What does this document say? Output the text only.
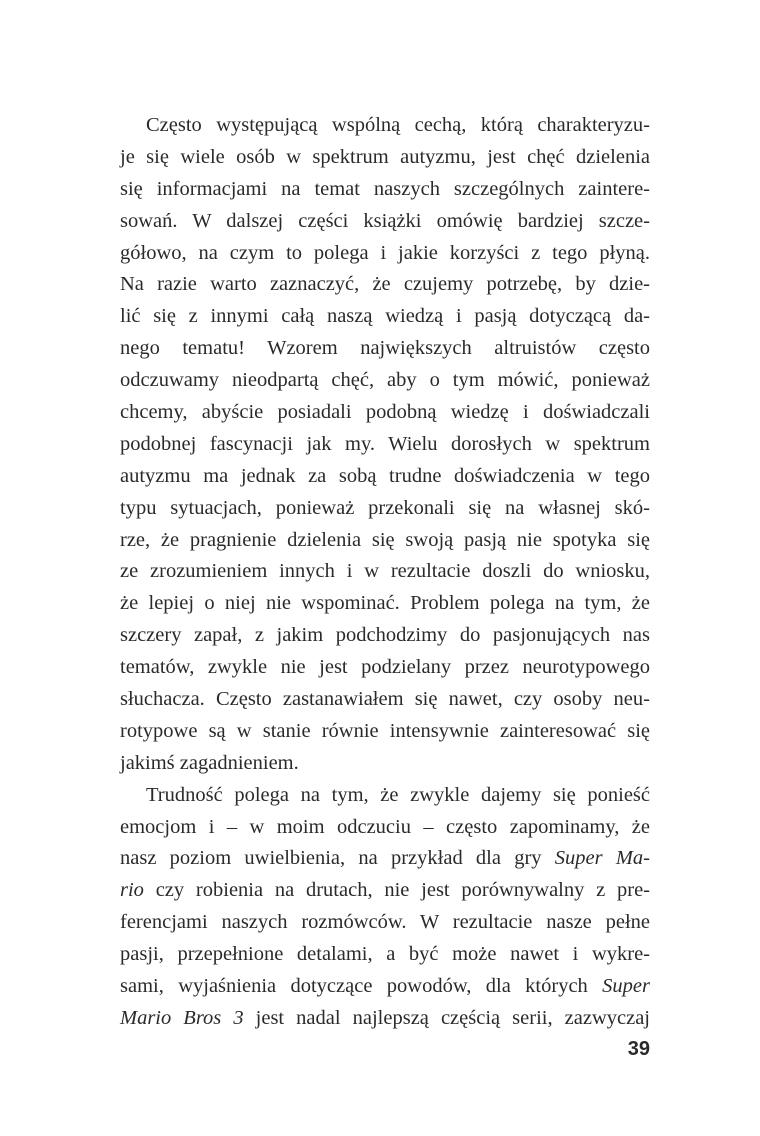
Często występującą wspólną cechą, którą charakteryzu-
je się wiele osób w spektrum autyzmu, jest chęć dzielenia
się informacjami na temat naszych szczególnych zaintere-
sowań. W dalszej części książki omówię bardziej szcze-
gółowo, na czym to polega i jakie korzyści z tego płyną.
Na razie warto zaznaczyć, że czujemy potrzebę, by dzie-
lić się z innymi całą naszą wiedzą i pasją dotyczącą da-
nego tematu! Wzorem największych altruistów często
odczuwamy nieodpartą chęć, aby o tym mówić, ponieważ
chcemy, abyście posiadali podobną wiedzę i doświadczali
podobnej fascynacji jak my. Wielu dorosłych w spektrum
autyzmu ma jednak za sobą trudne doświadczenia w tego
typu sytuacjach, ponieważ przekonali się na własnej skó-
rze, że pragnienie dzielenia się swoją pasją nie spotyka się
ze zrozumieniem innych i w rezultacie doszli do wniosku,
że lepiej o niej nie wspominać. Problem polega na tym, że
szczery zapał, z jakim podchodzimy do pasjonujących nas
tematów, zwykle nie jest podzielany przez neurotypowego
słuchacza. Często zastanawiałem się nawet, czy osoby neu-
rotypowe są w stanie równie intensywnie zainteresować się
jakimś zagadnieniem.
Trudność polega na tym, że zwykle dajemy się ponieść
emocjom i – w moim odczuciu – często zapominamy, że
nasz poziom uwielbienia, na przykład dla gry Super Ma-
rio czy robienia na drutach, nie jest porównywalny z pre-
ferencjami naszych rozmówców. W rezultacie nasze pełne
pasji, przepełnione detalami, a być może nawet i wykre-
sami, wyjaśnienia dotyczące powodów, dla których Super
Mario Bros 3 jest nadal najlepszą częścią serii, zazwyczaj
39
